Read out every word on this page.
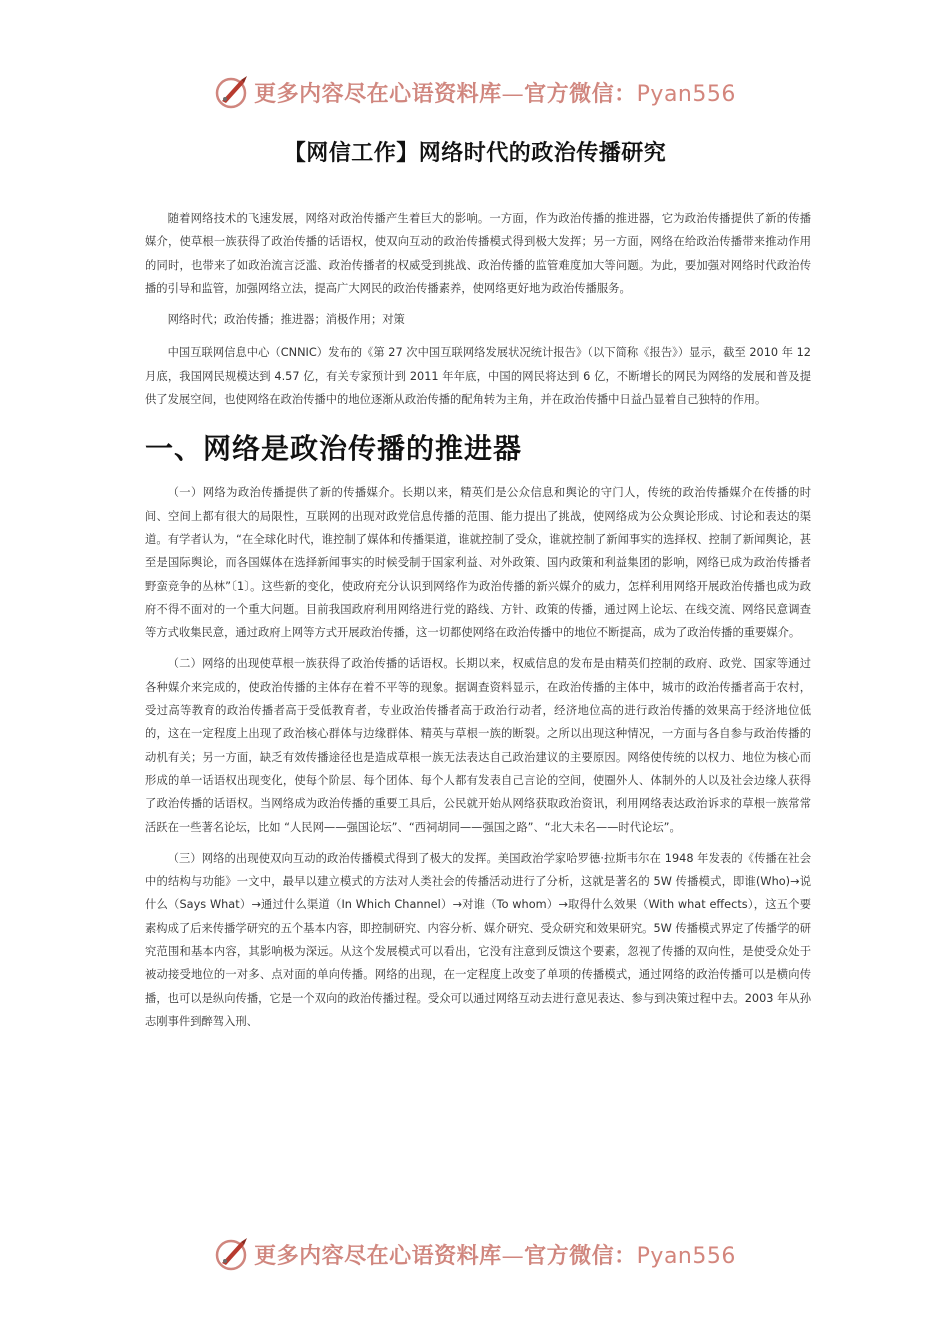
更多内容尽在心语资料库—官方微信：Pyan556
【网信工作】网络时代的政治传播研究

随着网络技术的飞速发展，网络对政治传播产生着巨大的影响。一方面，作为政治传播的推进器，它为政治传播提供了新的传播媒介，使草根一族获得了政治传播的话语权，使双向互动的政治传播模式得到极大发挥；另一方面，网络在给政治传播带来推动作用的同时，也带来了如政治流言泛滥、政治传播者的权威受到挑战、政治传播的监管难度加大等问题。为此，要加强对网络时代政治传播的引导和监管，加强网络立法，提高广大网民的政治传播素养，使网络更好地为政治传播服务。

网络时代；政治传播；推进器；消极作用；对策

中国互联网信息中心（CNNIC）发布的《第 27 次中国互联网络发展状况统计报告》（以下简称《报告》）显示，截至 2010 年 12 月底，我国网民规模达到 4.57 亿，有关专家预计到 2011 年年底，中国的网民将达到 6 亿，不断增长的网民为网络的发展和普及提供了发展空间，也使网络在政治传播中的地位逐渐从政治传播的配角转为主角，并在政治传播中日益凸显着自己独特的作用。

一、网络是政治传播的推进器

（一）网络为政治传播提供了新的传播媒介。长期以来，精英们是公众信息和舆论的守门人，传统的政治传播媒介在传播的时间、空间上都有很大的局限性，互联网的出现对政党信息传播的范围、能力提出了挑战，使网络成为公众舆论形成、讨论和表达的渠道。有学者认为，“在全球化时代，谁控制了媒体和传播渠道，谁就控制了受众，谁就控制了新闻事实的选择权、控制了新闻舆论，甚至是国际舆论，而各国媒体在选择新闻事实的时候受制于国家利益、对外政策、国内政策和利益集团的影响，网络已成为政治传播者野蛮竞争的丛林”〔1〕。这些新的变化，使政府充分认识到网络作为政治传播的新兴媒介的威力，怎样利用网络开展政治传播也成为政府不得不面对的一个重大问题。目前我国政府利用网络进行党的路线、方针、政策的传播，通过网上论坛、在线交流、网络民意调查等方式收集民意，通过政府上网等方式开展政治传播，这一切都使网络在政治传播中的地位不断提高，成为了政治传播的重要媒介。

（二）网络的出现使草根一族获得了政治传播的话语权。长期以来，权威信息的发布是由精英们控制的政府、政党、国家等通过各种媒介来完成的，使政治传播的主体存在着不平等的现象。据调查资料显示，在政治传播的主体中，城市的政治传播者高于农村，受过高等教育的政治传播者高于受低教育者，专业政治传播者高于政治行动者，经济地位高的进行政治传播的效果高于经济地位低的，这在一定程度上出现了政治核心群体与边缘群体、精英与草根一族的断裂。之所以出现这种情况，一方面与各自参与政治传播的动机有关；另一方面，缺乏有效传播途径也是造成草根一族无法表达自己政治建议的主要原因。网络使传统的以权力、地位为核心而形成的单一话语权出现变化，使每个阶层、每个团体、每个人都有发表自己言论的空间，使圈外人、体制外的人以及社会边缘人获得了政治传播的话语权。当网络成为政治传播的重要工具后，公民就开始从网络获取政治资讯，利用网络表达政治诉求的草根一族常常活跃在一些著名论坛，比如 “人民网——强国论坛”、“西祠胡同——强国之路”、“北大未名——时代论坛”。

（三）网络的出现使双向互动的政治传播模式得到了极大的发挥。美国政治学家哈罗德·拉斯韦尔在 1948 年发表的《传播在社会中的结构与功能》一文中，最早以建立模式的方法对人类社会的传播活动进行了分析，这就是著名的 5W 传播模式，即谁(Who)→说什么（Says What）→通过什么渠道（In Which Channel）→对谁（To whom）→取得什么效果（With what effects），这五个要素构成了后来传播学研究的五个基本内容，即控制研究、内容分析、媒介研究、受众研究和效果研究。5W 传播模式界定了传播学的研究范围和基本内容，其影响极为深远。从这个发展模式可以看出，它没有注意到反馈这个要素，忽视了传播的双向性，是使受众处于被动接受地位的一对多、点对面的单向传播。网络的出现，在一定程度上改变了单项的传播模式，通过网络的政治传播可以是横向传播，也可以是纵向传播，它是一个双向的政治传播过程。受众可以通过网络互动去进行意见表达、参与到决策过程中去。2003 年从孙志刚事件到醉驾入刑、

更多内容尽在心语资料库—官方微信：Pyan556
